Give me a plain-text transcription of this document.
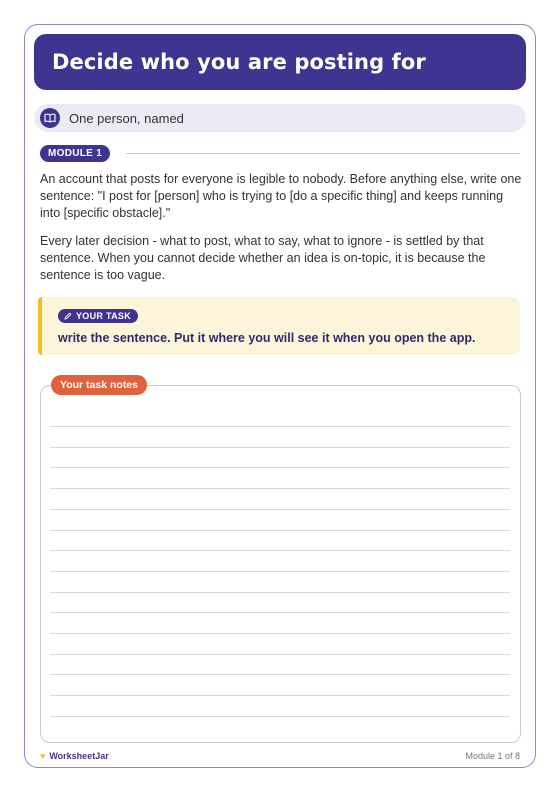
Decide who you are posting for
One person, named
MODULE 1

An account that posts for everyone is legible to nobody. Before anything else, write one sentence: "I post for [person] who is trying to [do a specific thing] and keeps running into [specific obstacle]."

Every later decision - what to post, what to say, what to ignore - is settled by that sentence. When you cannot decide whether an idea is on-topic, it is because the sentence is too vague.

YOUR TASK
write the sentence. Put it where you will see it when you open the app.
Your task notes
♥ WorksheetJar	Module 1 of 8
